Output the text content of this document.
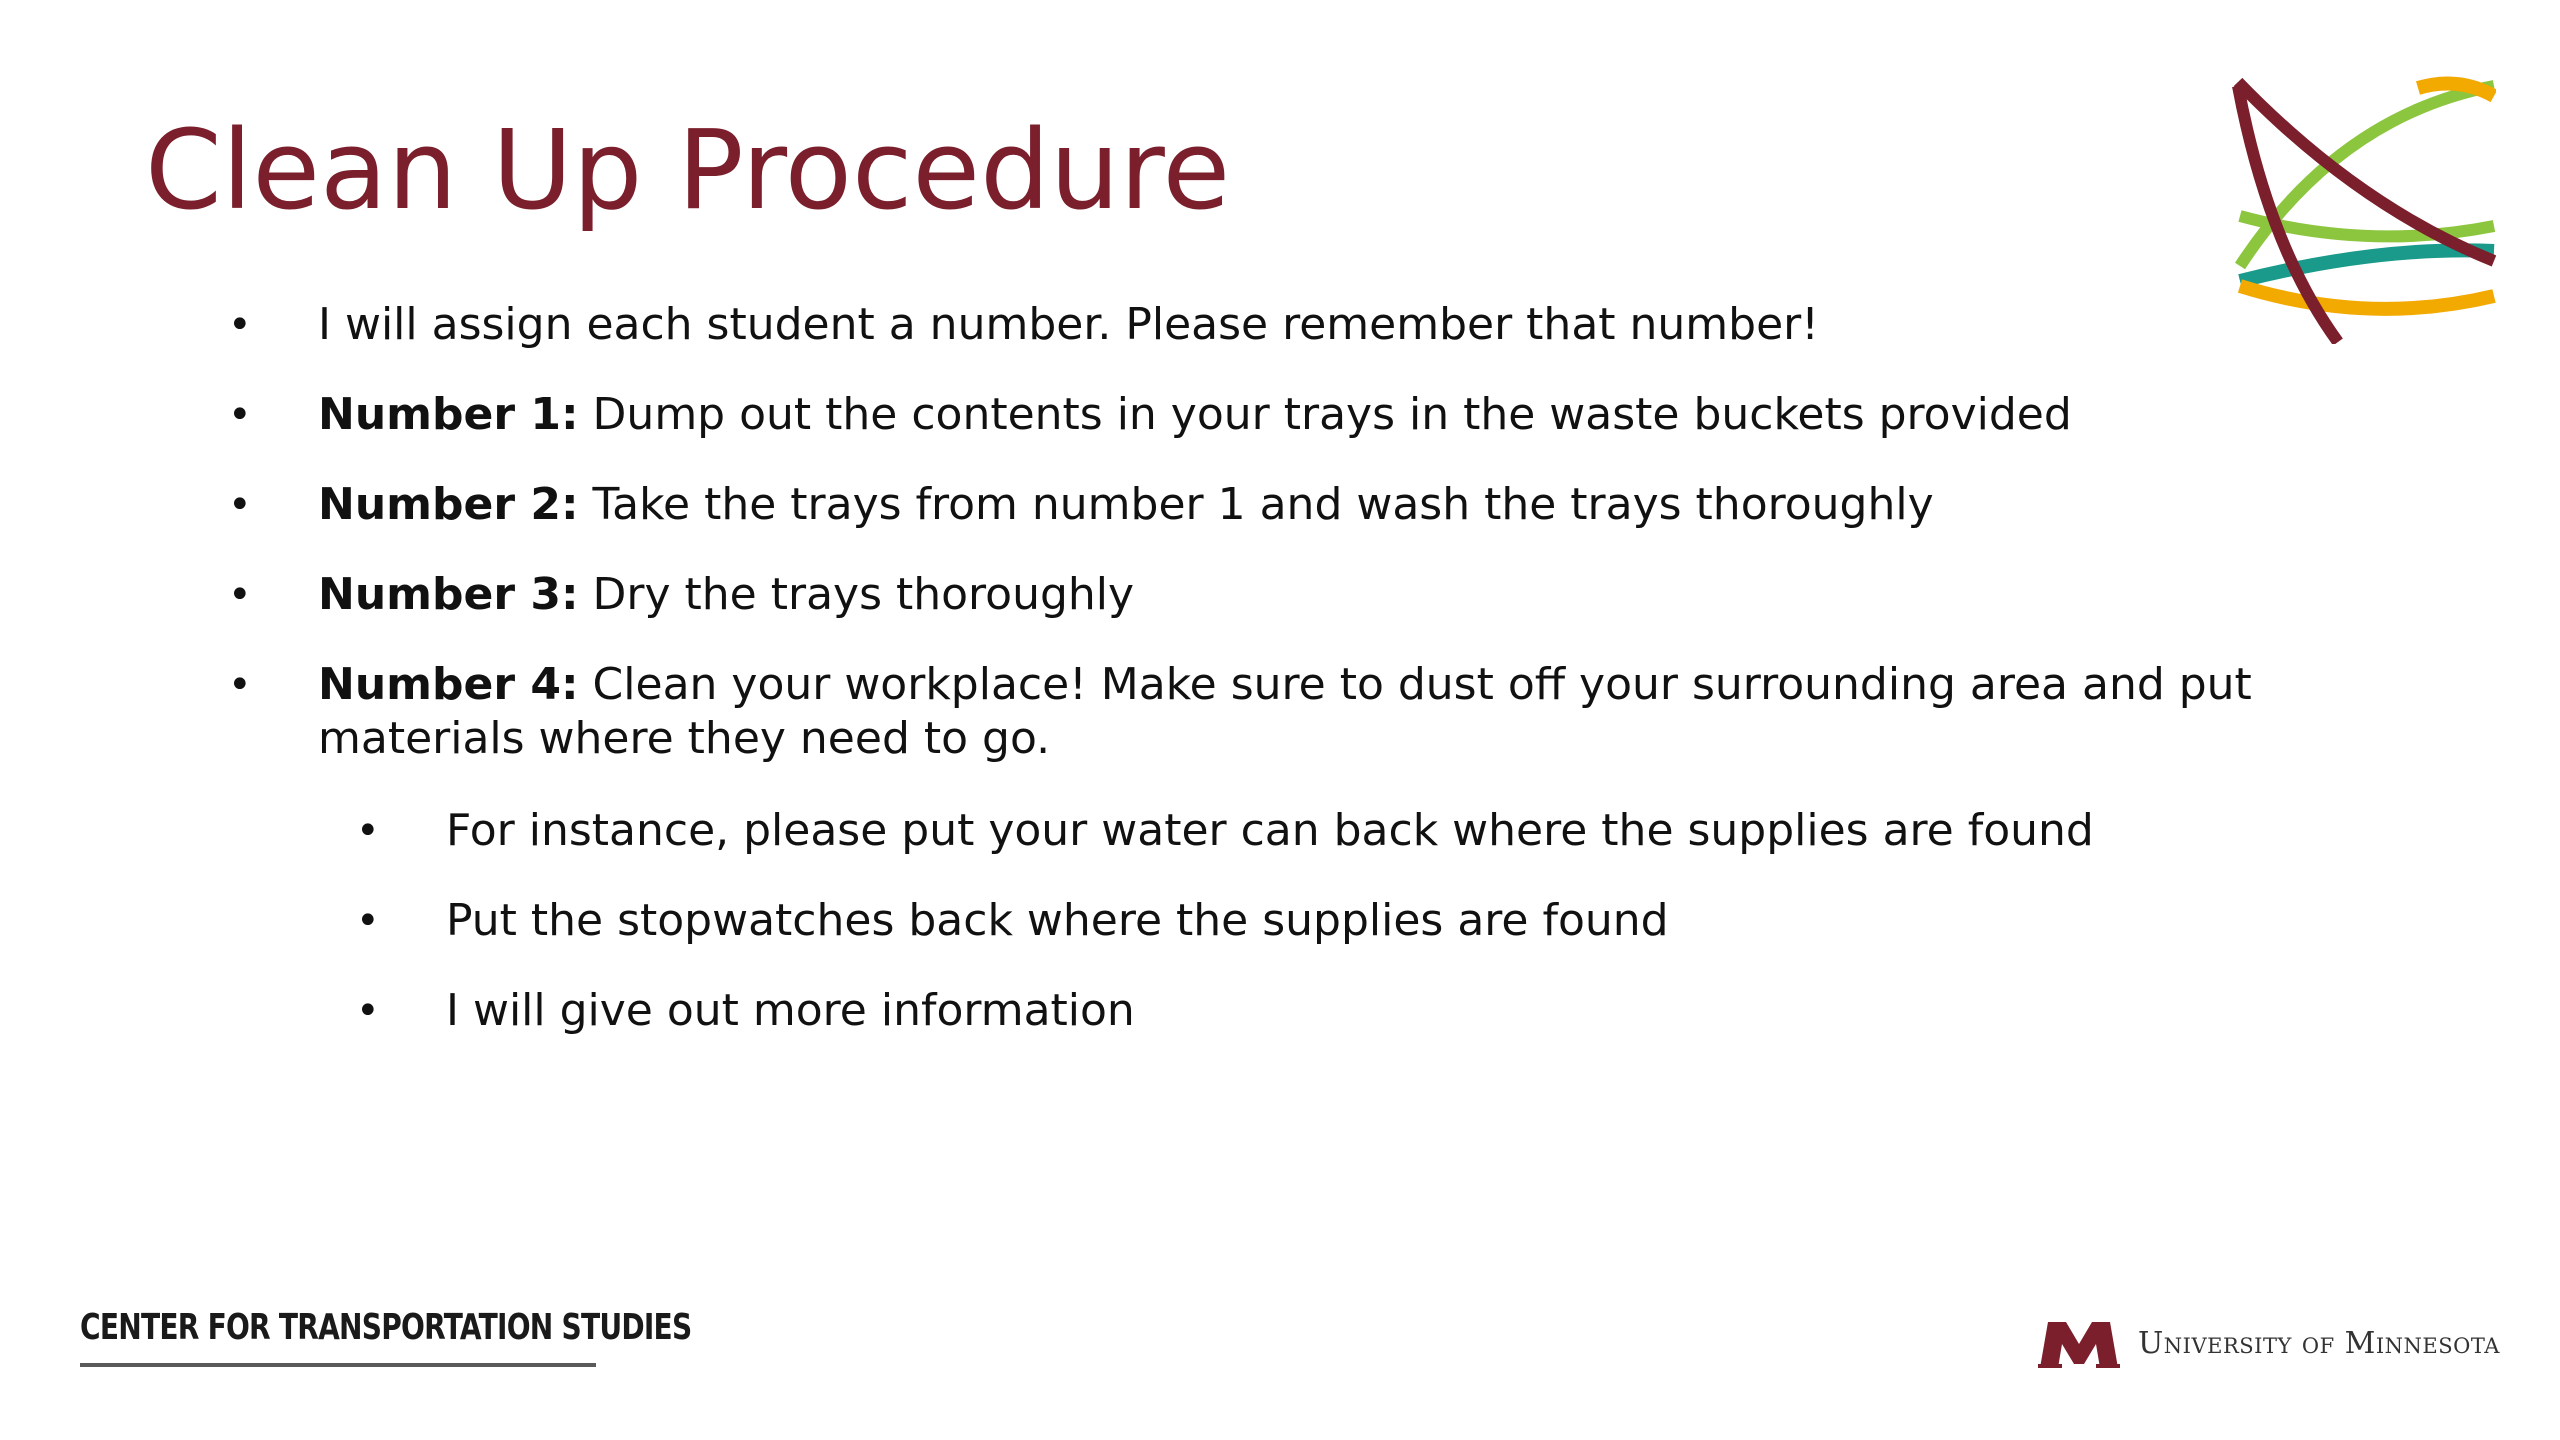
Clean Up Procedure
• I will assign each student a number. Please remember that number!
• Number 1: Dump out the contents in your trays in the waste buckets provided
• Number 2: Take the trays from number 1 and wash the trays thoroughly
• Number 3: Dry the trays thoroughly
• Number 4: Clean your workplace! Make sure to dust off your surrounding area and put materials where they need to go.
• For instance, please put your water can back where the supplies are found
• Put the stopwatches back where the supplies are found
• I will give out more information
CENTER FOR TRANSPORTATION STUDIES	University of Minnesota
